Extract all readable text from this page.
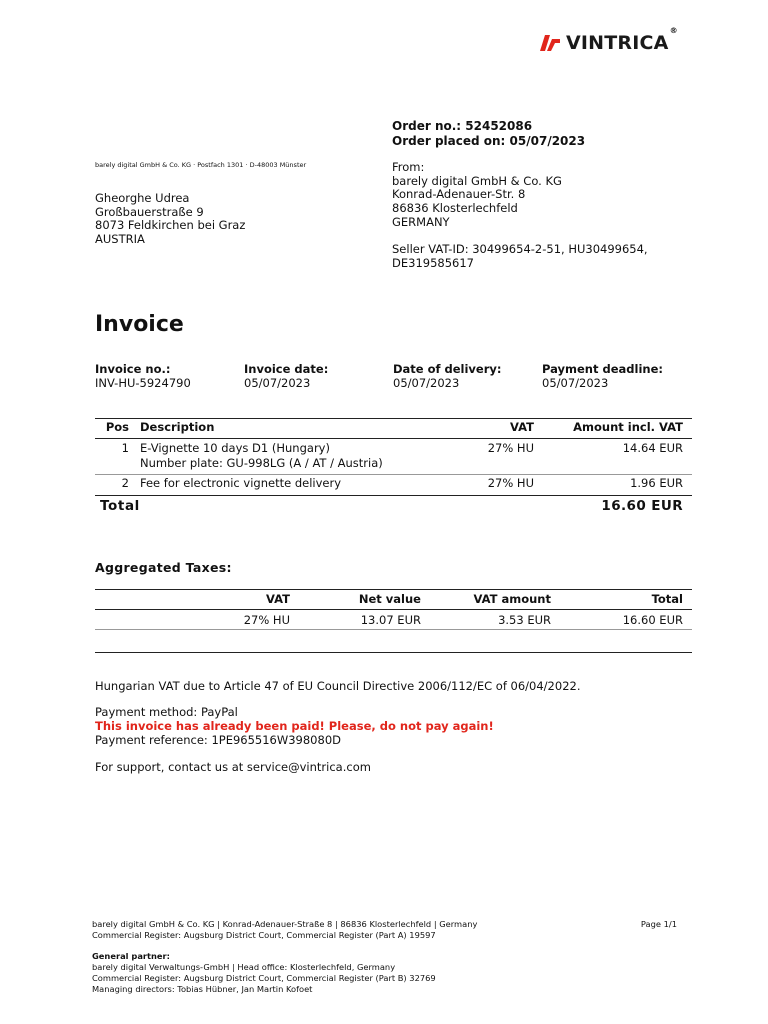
VINTRICA®
Order no.: 52452086
Order placed on: 05/07/2023
barely digital GmbH & Co. KG · Postfach 1301 · D-48003 Münster
Gheorghe Udrea
Großbauerstraße 9
8073 Feldkirchen bei Graz
AUSTRIA
From:
barely digital GmbH & Co. KG
Konrad-Adenauer-Str. 8
86836 Klosterlechfeld
GERMANY
Seller VAT-ID: 30499654-2-51, HU30499654,
DE319585617
Invoice
Invoice no.:
INV-HU-5924790
Invoice date:
05/07/2023
Date of delivery:
05/07/2023
Payment deadline:
05/07/2023
Pos Description	VAT	Amount incl. VAT
1 E-Vignette 10 days D1 (Hungary)
Number plate: GU-998LG (A / AT / Austria)
27% HU	14.64 EUR
2 Fee for electronic vignette delivery	27% HU	1.96 EUR
Total	16.60 EUR
Aggregated Taxes:
VAT	Net value	VAT amount	Total
27% HU	13.07 EUR	3.53 EUR	16.60 EUR
Hungarian VAT due to Article 47 of EU Council Directive 2006/112/EC of 06/04/2022.
Payment method: PayPal
This invoice has already been paid! Please, do not pay again!
Payment reference: 1PE965516W398080D
For support, contact us at service@vintrica.com
barely digital GmbH & Co. KG | Konrad-Adenauer-Straße 8 | 86836 Klosterlechfeld | Germany
Commercial Register: Augsburg District Court, Commercial Register (Part A) 19597
General partner:
barely digital Verwaltungs-GmbH | Head office: Klosterlechfeld, Germany
Commercial Register: Augsburg District Court, Commercial Register (Part B) 32769
Managing directors: Tobias Hübner, Jan Martin Kofoet
Page 1/1
